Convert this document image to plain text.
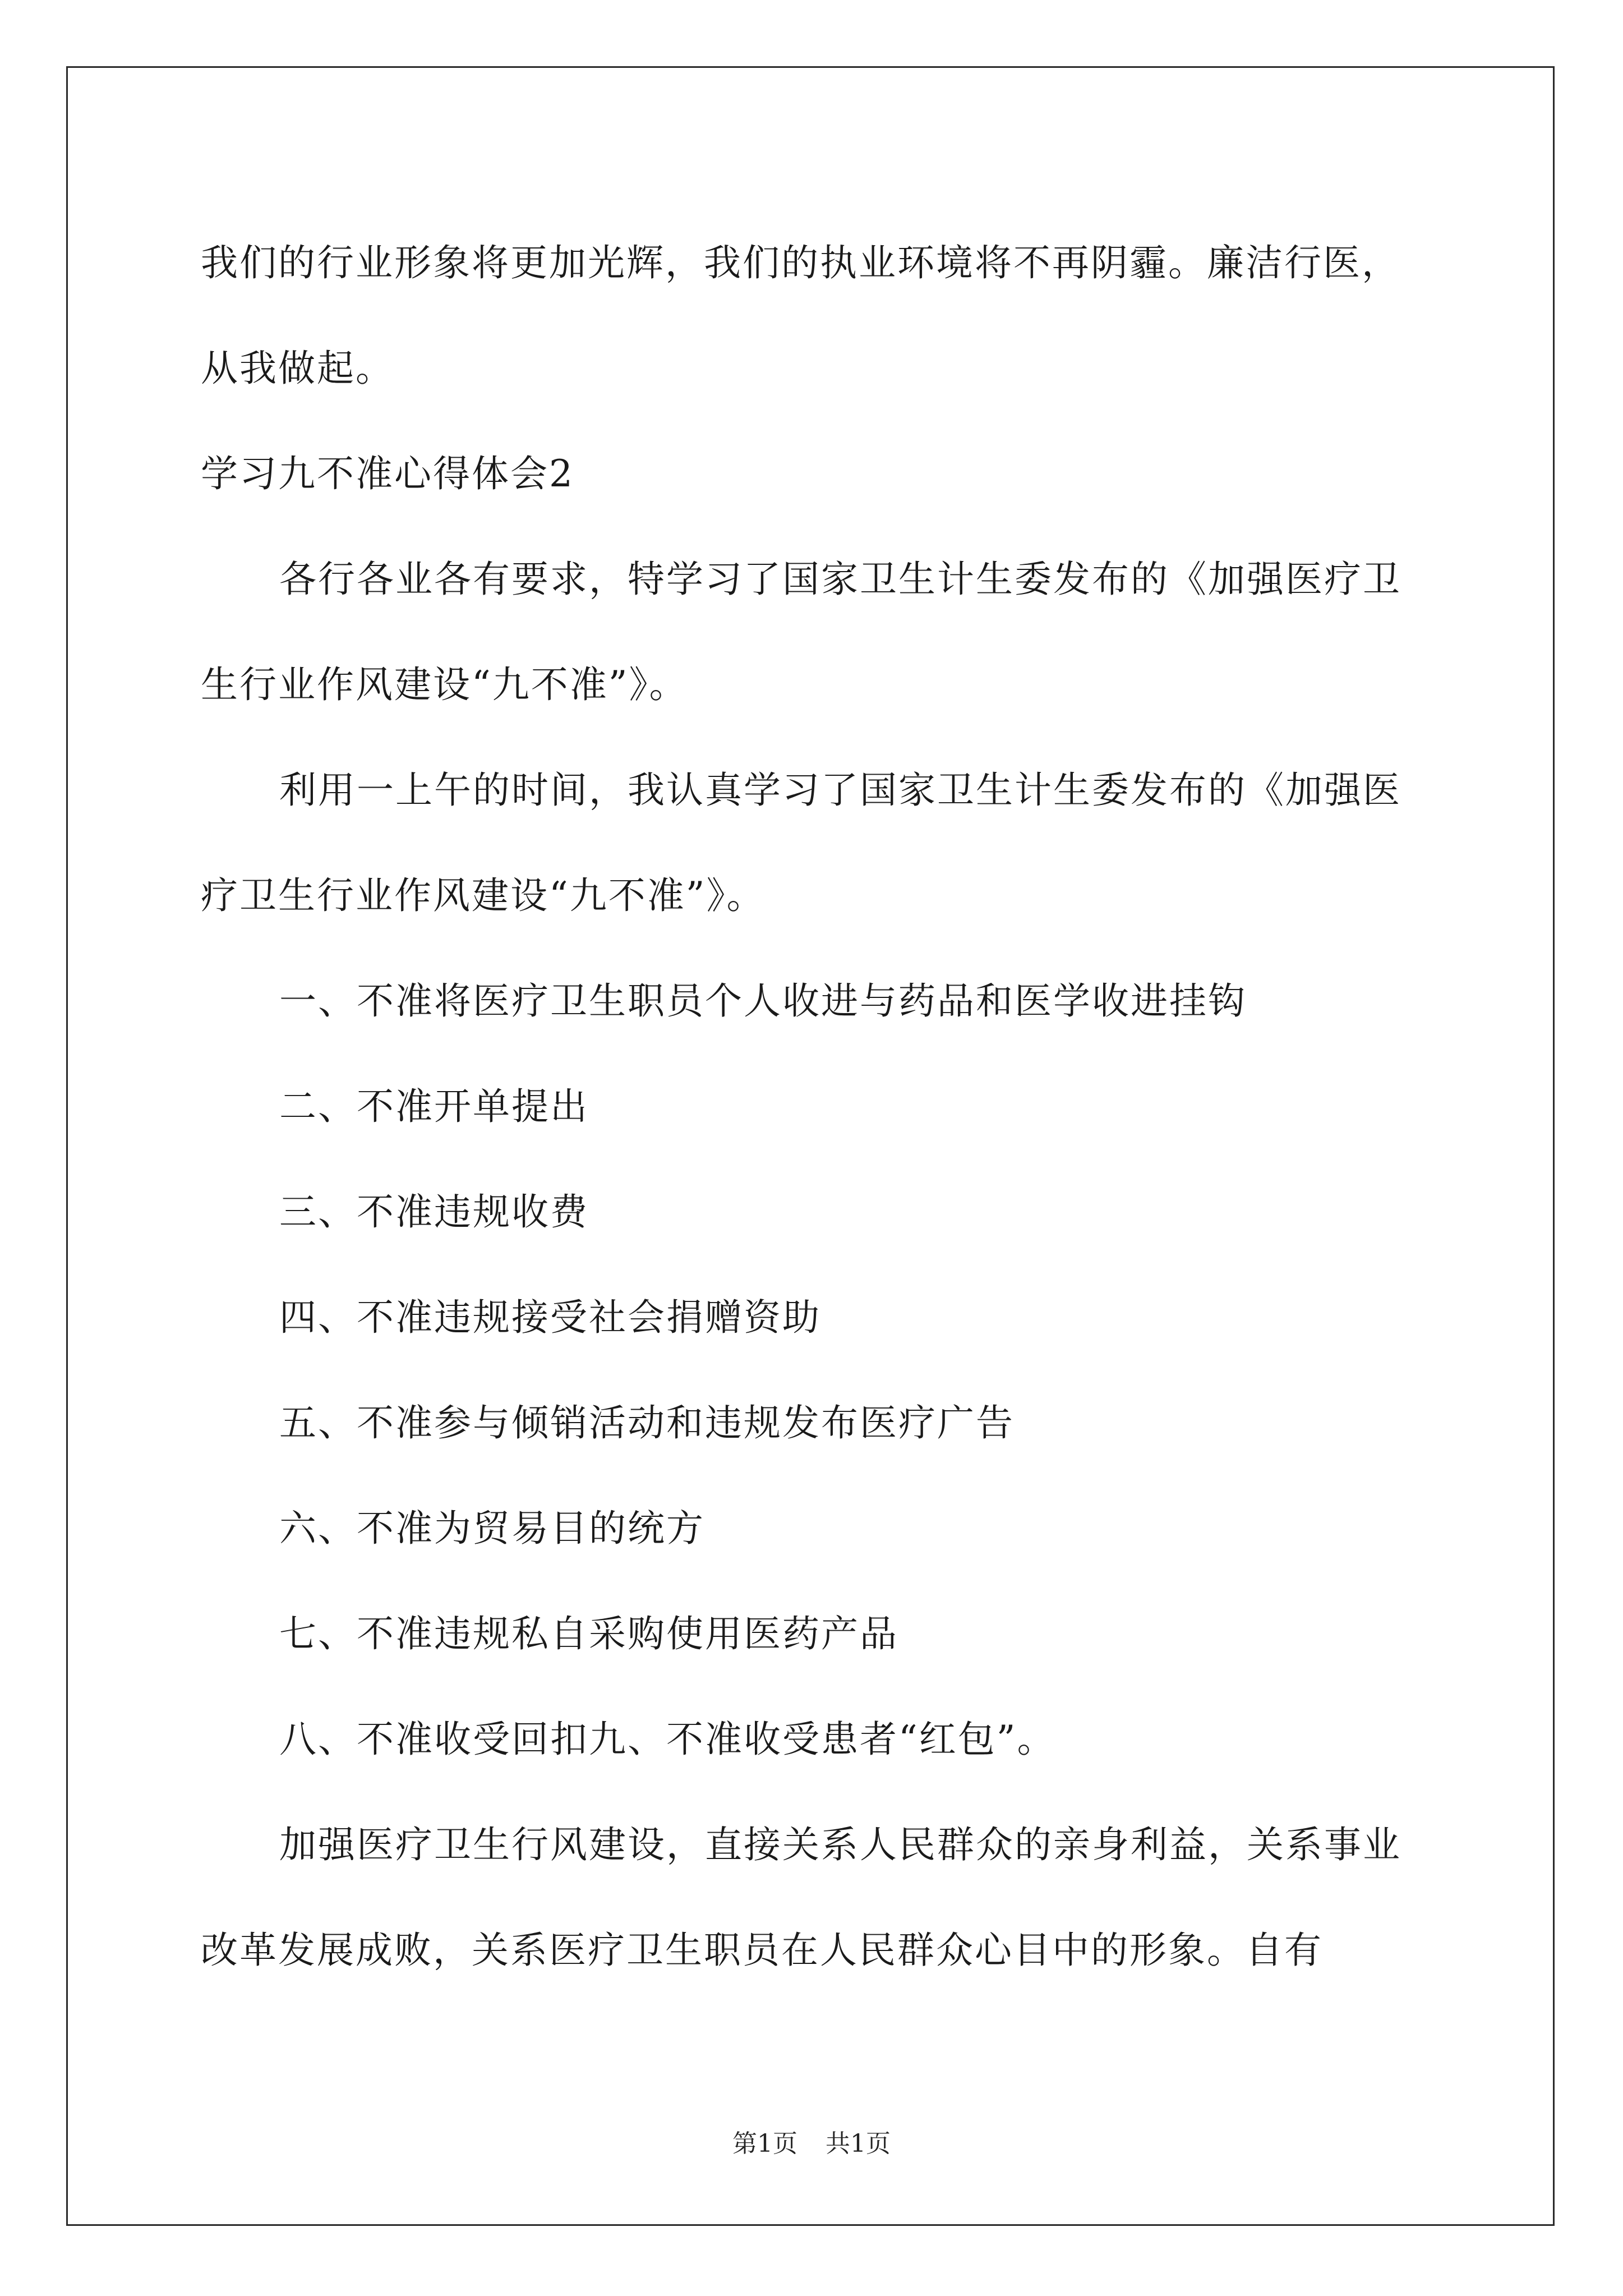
我们的行业形象将更加光辉，我们的执业环境将不再阴霾。廉洁行医，从我做起。

学习九不准心得体会2

各行各业各有要求，特学习了国家卫生计生委发布的《加强医疗卫生行业作风建设“九不准”》。

利用一上午的时间，我认真学习了国家卫生计生委发布的《加强医疗卫生行业作风建设“九不准”》。

一、不准将医疗卫生职员个人收进与药品和医学收进挂钩

二、不准开单提出

三、不准违规收费

四、不准违规接受社会捐赠资助

五、不准参与倾销活动和违规发布医疗广告

六、不准为贸易目的统方

七、不准违规私自采购使用医药产品

八、不准收受回扣九、不准收受患者“红包”。

加强医疗卫生行风建设，直接关系人民群众的亲身利益，关系事业改革发展成败，关系医疗卫生职员在人民群众心目中的形象。自有

第1页 共1页
